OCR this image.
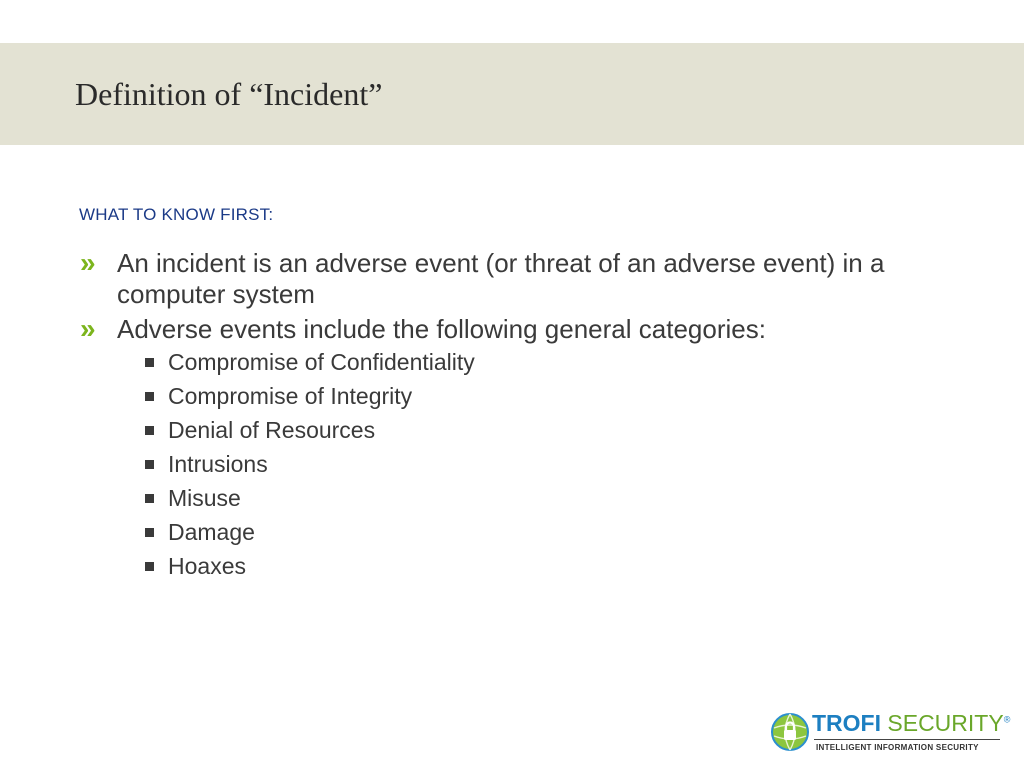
Definition of “Incident”
WHAT TO KNOW FIRST:
» An incident is an adverse event (or threat of an adverse event) in a computer system
» Adverse events include the following general categories:
Compromise of Confidentiality
Compromise of Integrity
Denial of Resources
Intrusions
Misuse
Damage
Hoaxes
TROFI SECURITY®
INTELLIGENT INFORMATION SECURITY
